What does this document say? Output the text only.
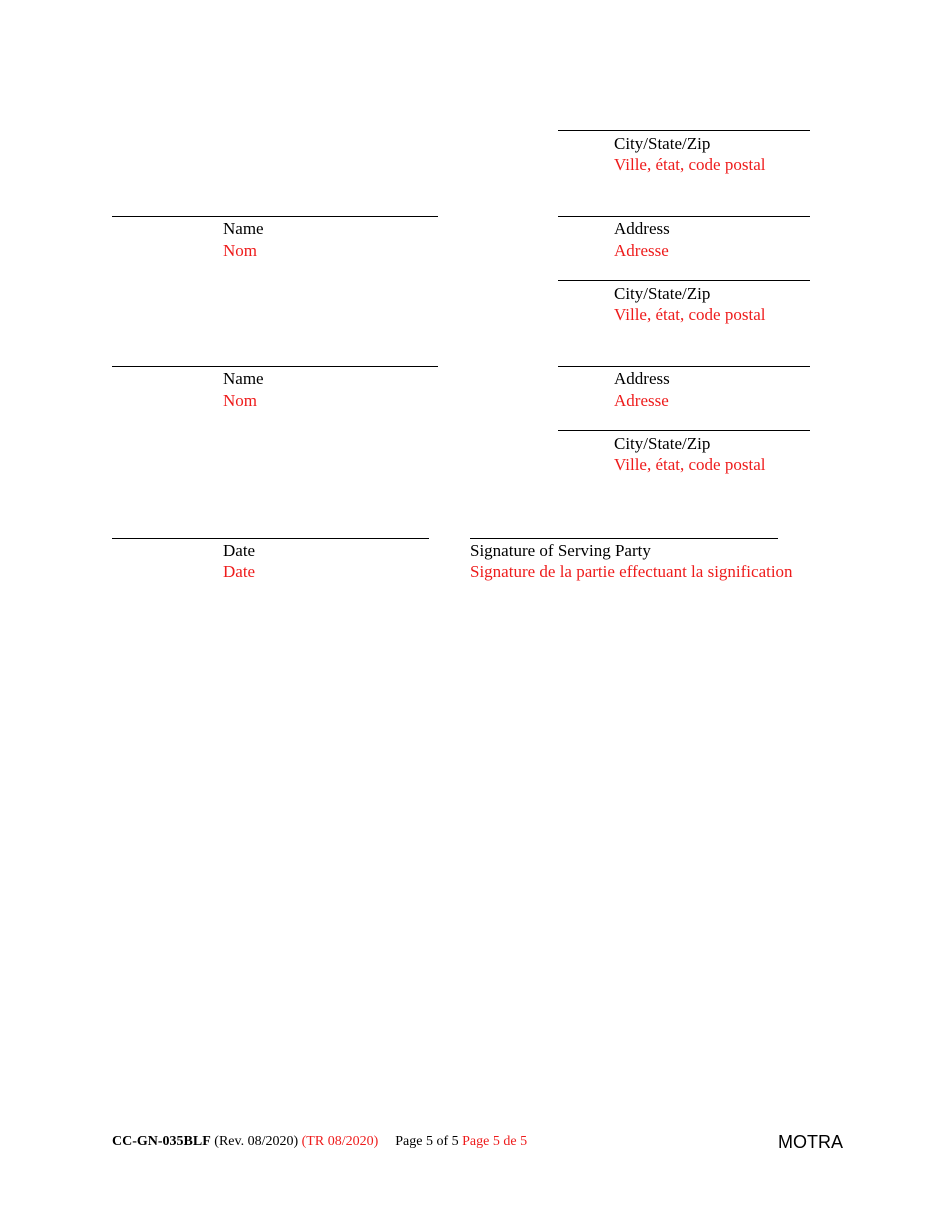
City/State/Zip
Ville, état, code postal
Name
Nom
Address
Adresse
City/State/Zip
Ville, état, code postal
Name
Nom
Address
Adresse
City/State/Zip
Ville, état, code postal
Date
Date
Signature of Serving Party
Signature de la partie effectuant la signification
CC-GN-035BLF (Rev. 08/2020) (TR 08/2020) Page 5 of 5 Page 5 de 5	MOTRA
